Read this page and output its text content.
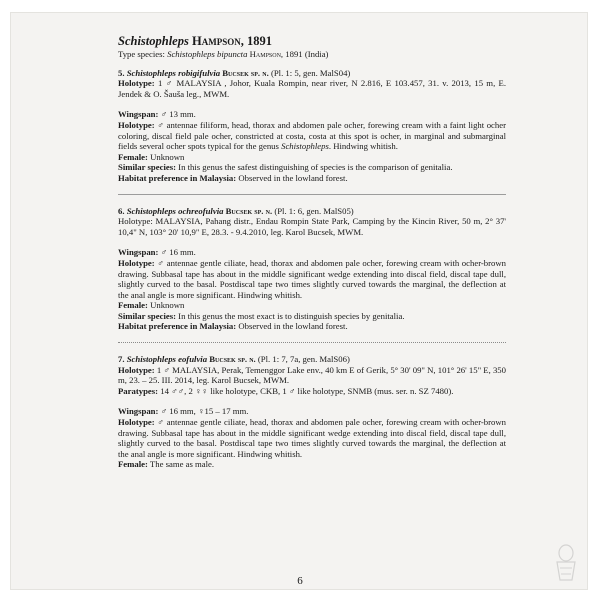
Schistophleps Hampson, 1891

Type species: Schistophleps bipuncta Hampson, 1891 (India)

5. Schistophleps robigifulvia Bucsek sp. n. (Pl. 1: 5, gen. MalS04)

Holotype: 1 ♂ MALAYSIA , Johor, Kuala Rompin, near river, N 2.816, E 103.457, 31. v. 2013, 15 m, E. Jendek & O. Šauša leg., MWM.

Wingspan: ♂ 13 mm.

Holotype: ♂ antennae filiform, head, thorax and abdomen pale ocher, forewing cream with a faint light ocher coloring, discal field pale ocher, constricted at costa, costa at this spot is ocher, in marginal and submarginal fields several ocher spots typical for the genus Schistophleps. Hindwing whitish.

Female: Unknown

Similar species: In this genus the safest distinguishing of species is the comparison of genitalia.

Habitat preference in Malaysia: Observed in the lowland forest.

6. Schistophleps ochreofulvia Bucsek sp. n. (Pl. 1: 6, gen. MalS05)

Holotype: MALAYSIA, Pahang distr., Endau Rompin State Park, Camping by the Kincin River, 50 m, 2° 37' 10,4" N, 103° 20' 10,9" E, 28.3. - 9.4.2010, leg. Karol Bucsek, MWM.

Wingspan: ♂ 16 mm.

Holotype: ♂ antennae gentle ciliate, head, thorax and abdomen pale ocher, forewing cream with ocher-brown drawing. Subbasal tape has about in the middle significant wedge extending into discal field, discal tape dull, slightly curved to the basal. Postdiscal tape two times slightly curved towards the marginal, the deflection at the anal angle is more significant. Hindwing whitish.

Female: Unknown

Similar species: In this genus the most exact is to distinguish species by genitalia.

Habitat preference in Malaysia: Observed in the lowland forest.

7. Schistophleps eofulvia Bucsek sp. n. (Pl. 1: 7, 7a, gen. MalS06)

Holotype: 1 ♂ MALAYSIA, Perak, Temenggor Lake env., 40 km E of Gerik, 5° 30' 09" N, 101° 26' 15" E, 350 m, 23. – 25. III. 2014, leg. Karol Bucsek, MWM.

Paratypes: 14 ♂♂, 2 ♀♀ like holotype, CKB, 1 ♂ like holotype, SNMB (mus. ser. n. SZ 7480).

Wingspan: ♂ 16 mm, ♀15 – 17 mm.

Holotype: ♂ antennae gentle ciliate, head, thorax and abdomen pale ocher, forewing cream with ocher-brown drawing. Subbasal tape has about in the middle significant wedge extending into discal field, discal tape dull, slightly curved to the basal. Postdiscal tape two times slightly curved towards the marginal, the deflection at the anal angle is more significant. Hindwing whitish.

Female: The same as male.

6
